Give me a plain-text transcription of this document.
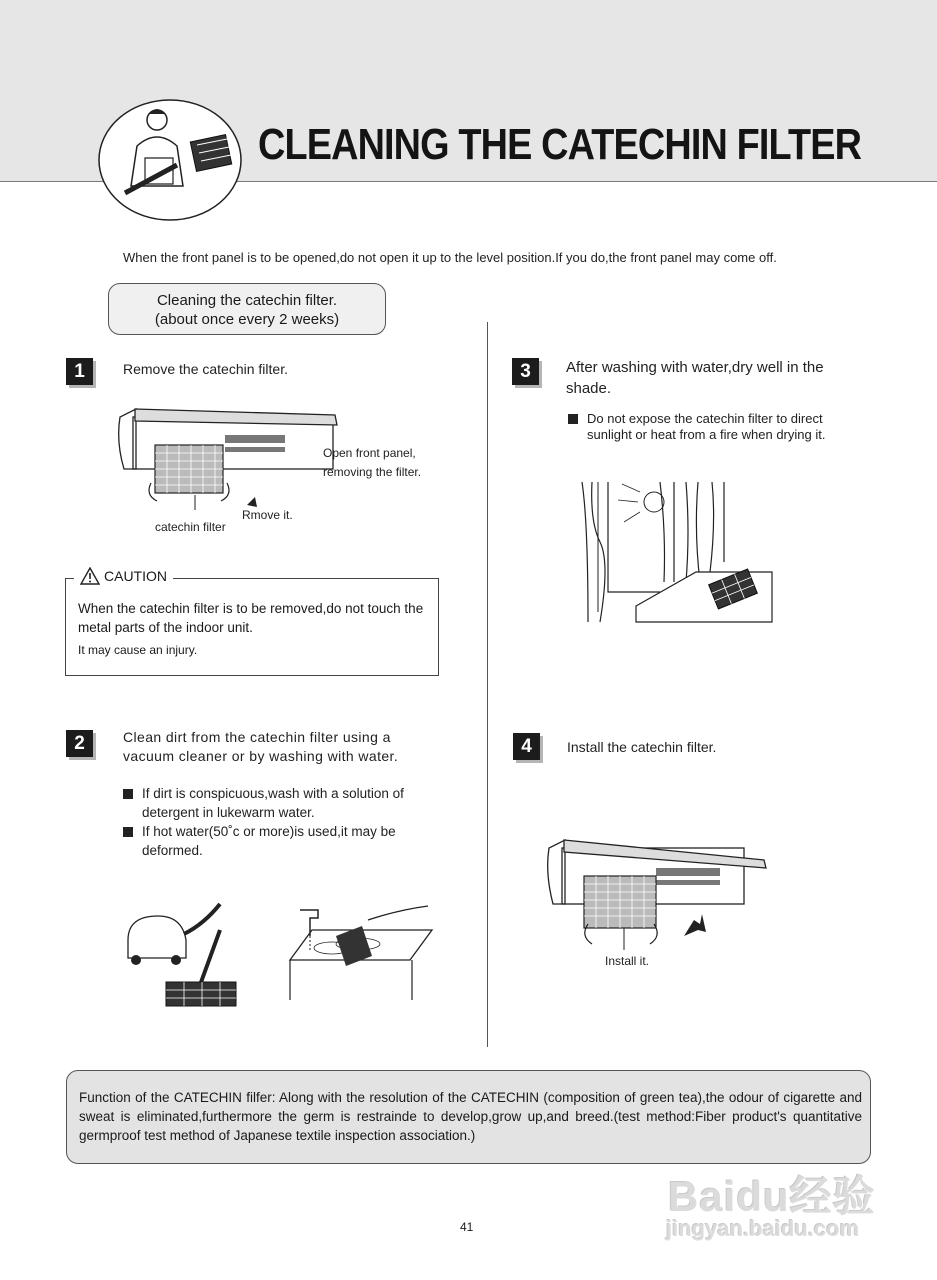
CLEANING THE CATECHIN FILTER
When the front panel is to be opened,do not open it up to the level position.If you do,the front panel may come off.
Cleaning the catechin filter.
(about once every 2 weeks)
1	Remove the catechin filter.
Open front panel,
removing the filter.
Rmove it.
catechin filter
CAUTION
When the catechin filter is to be removed,do not touch the
metal parts of the indoor unit.
It may cause an injury.
2	Clean dirt from the catechin filter using a
vacuum cleaner or by washing with water.
If dirt is conspicuous,wash with a solution of
detergent in lukewarm water.
If hot water(50˚c or more)is used,it may be
deformed.
3	After washing with water,dry well in the
shade.
Do not expose the catechin filter to direct
sunlight or heat from a fire when drying it.
4	Install the catechin filter.
Install it.
Function of the CATECHIN filfer: Along with the resolution of the CATECHIN (composition of green tea),the odour of cigarette and sweat is eliminated,furthermore the germ is restrainde to develop,grow up,and breed.(test method:Fiber product's quantitative germproof test method of Japanese textile inspection association.)
41
Baidu经验
jingyan.baidu.com
